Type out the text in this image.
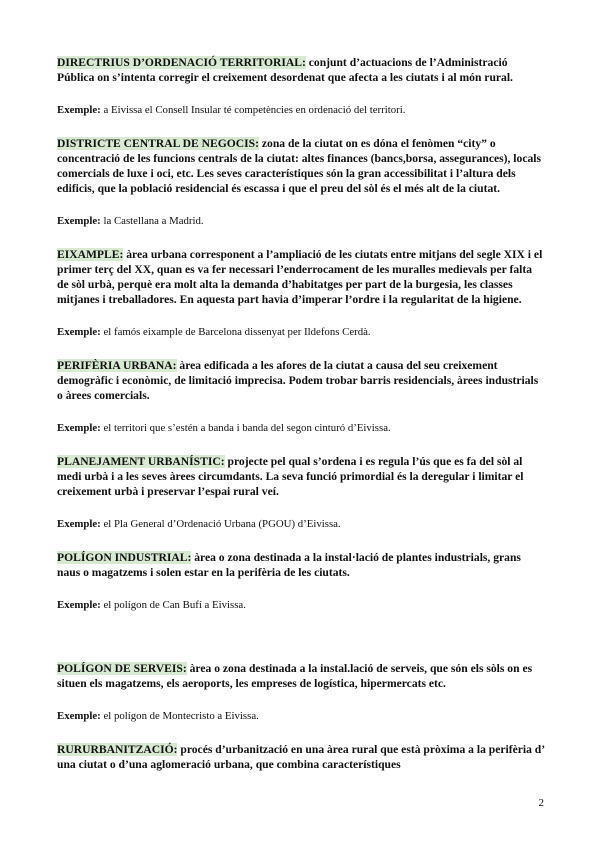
DIRECTRIUS D’ORDENACIÓ TERRITORIAL: conjunt d’actuacions de l’Administració Pública on s’intenta corregir el creixement desordenat que afecta a les ciutats i al món rural.

Exemple: a Eivissa el Consell Insular té competències en ordenació del territori.

DISTRICTE CENTRAL DE NEGOCIS: zona de la ciutat on es dóna el fenòmen “city” o concentració de les funcions centrals de la ciutat: altes finances (bancs,borsa, assegurances), locals comercials de luxe i oci, etc. Les seves característiques són la gran accessibilitat i l’altura dels edificis, que la població residencial és escassa i que el preu del sòl és el més alt de la ciutat.

Exemple: la Castellana a Madrid.

EIXAMPLE: àrea urbana corresponent a l’ampliació de les ciutats entre mitjans del segle XIX i el primer terç del XX, quan es va fer necessari l’enderrocament de les muralles medievals per falta de sòl urbà, perquè era molt alta la demanda d’habitatges per part de la burgesia, les classes mitjanes i treballadores. En aquesta part havia d’imperar l’ordre i la regularitat de la higiene.

Exemple: el famós eixample de Barcelona dissenyat per Ildefons Cerdà.

PERIFÈRIA URBANA: àrea edificada a les afores de la ciutat a causa del seu creixement demogràfic i econòmic, de limitació imprecisa. Podem trobar barris residencials, àrees industrials o àrees comercials.

Exemple: el territori que s’estén a banda i banda del segon cinturó d’Eivissa.

PLANEJAMENT URBANÍSTIC: projecte pel qual s’ordena i es regula l’ús que es fa del sòl al medi urbà i a les seves àrees circumdants. La seva funció primordial és la deregular i limitar el creixement urbà i preservar l’espai rural veí.

Exemple: el Pla General d’Ordenació Urbana (PGOU) d’Eivissa.

POLÍGON INDUSTRIAL: àrea o zona destinada a la instal·lació de plantes industrials, grans naus o magatzems i solen estar en la perifèria de les ciutats.

Exemple: el polígon de Can Bufí a Eivissa.

POLÍGON DE SERVEIS: àrea o zona destinada a la instal.lació de serveis, que són els sòls on es situen els magatzems, els aeroports, les empreses de logística, hipermercats etc.

Exemple: el polígon de Montecristo a Eivissa.

RURURBANITZACIÓ: procés d’urbanització en una àrea rural que està pròxima a la perifèria d’ una ciutat o d’una aglomeració urbana, que combina característiques

2
